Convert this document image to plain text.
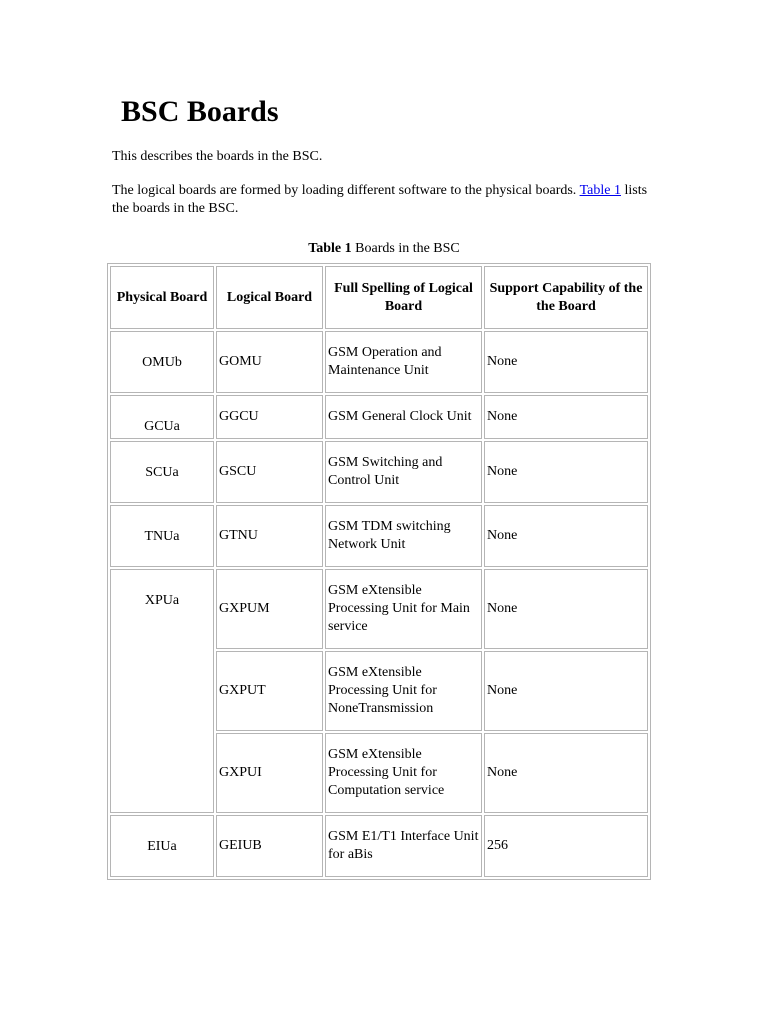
BSC Boards

This describes the boards in the BSC.

The logical boards are formed by loading different software to the physical boards. Table 1 lists the boards in the BSC.

Table 1 Boards in the BSC
Physical Board	Logical Board	Full Spelling of Logical Board	Support Capability of the the Board
OMUb	GOMU	GSM Operation and Maintenance Unit	None
GCUa	GGCU	GSM General Clock Unit	None
SCUa	GSCU	GSM Switching and Control Unit	None
TNUa	GTNU	GSM TDM switching Network Unit	None
XPUa	GXPUM	GSM eXtensible Processing Unit for Main service	None
	GXPUT	GSM eXtensible Processing Unit for NoneTransmission	None
	GXPUI	GSM eXtensible Processing Unit for Computation service	None
EIUa	GEIUB	GSM E1/T1 Interface Unit for aBis	256
